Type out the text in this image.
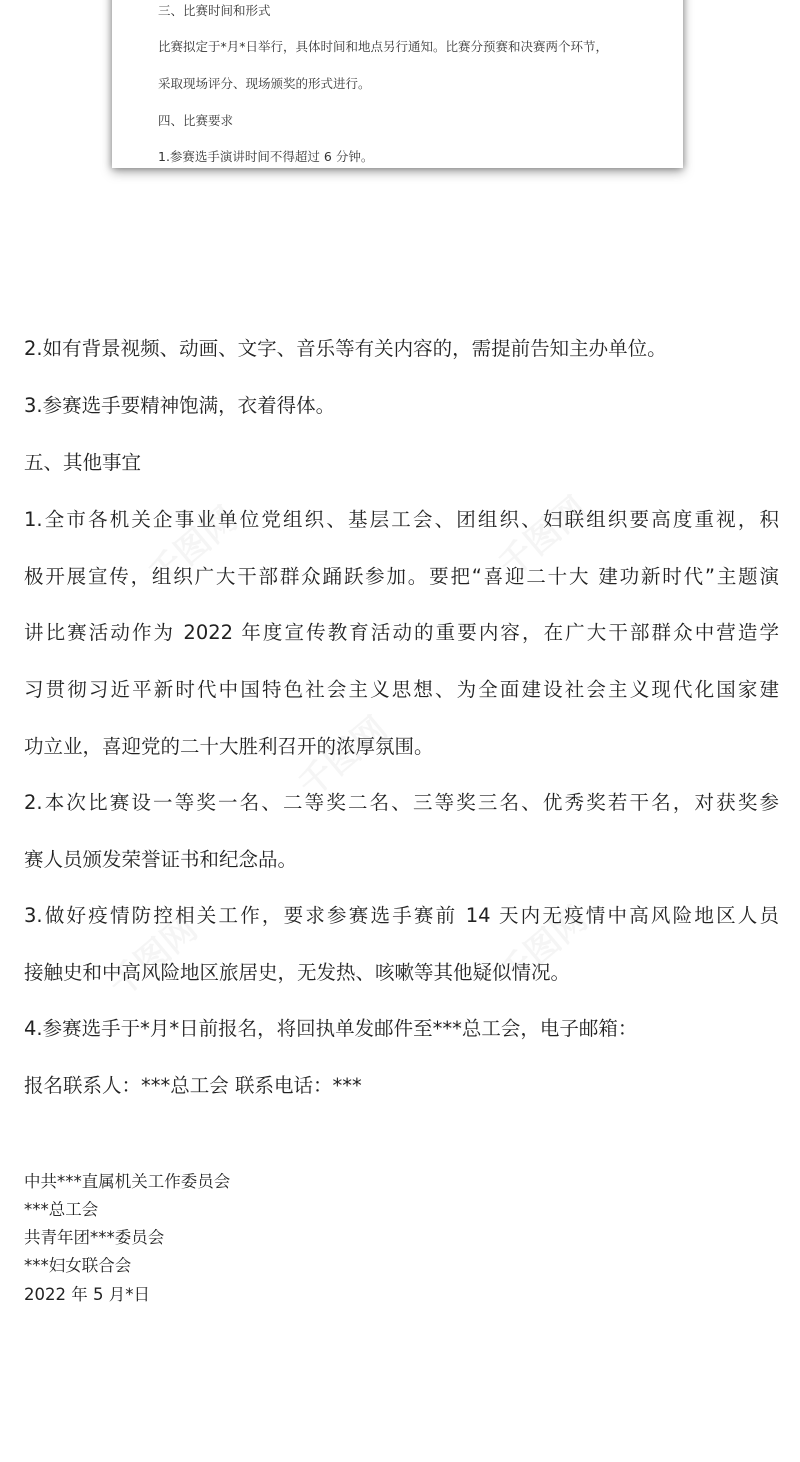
三、比赛时间和形式
比赛拟定于*月*日举行，具体时间和地点另行通知。比赛分预赛和决赛两个环节，
采取现场评分、现场颁奖的形式进行。
四、比赛要求
1.参赛选手演讲时间不得超过 6 分钟。
千图网	千图网
千图网
千图网	千图网
2.如有背景视频、动画、文字、音乐等有关内容的，需提前告知主办单位。
3.参赛选手要精神饱满，衣着得体。
五、其他事宜
1.全市各机关企事业单位党组织、基层工会、团组织、妇联组织要高度重视，积
极开展宣传，组织广大干部群众踊跃参加。要把“喜迎二十大 建功新时代”主题演
讲比赛活动作为 2022 年度宣传教育活动的重要内容，在广大干部群众中营造学
习贯彻习近平新时代中国特色社会主义思想、为全面建设社会主义现代化国家建
功立业，喜迎党的二十大胜利召开的浓厚氛围。
2.本次比赛设一等奖一名、二等奖二名、三等奖三名、优秀奖若干名，对获奖参
赛人员颁发荣誉证书和纪念品。
3.做好疫情防控相关工作，要求参赛选手赛前 14 天内无疫情中高风险地区人员
接触史和中高风险地区旅居史，无发热、咳嗽等其他疑似情况。
4.参赛选手于*月*日前报名，将回执单发邮件至***总工会，电子邮箱：
报名联系人：***总工会 联系电话：***
中共***直属机关工作委员会
***总工会
共青年团***委员会
***妇女联合会
2022 年 5 月*日
